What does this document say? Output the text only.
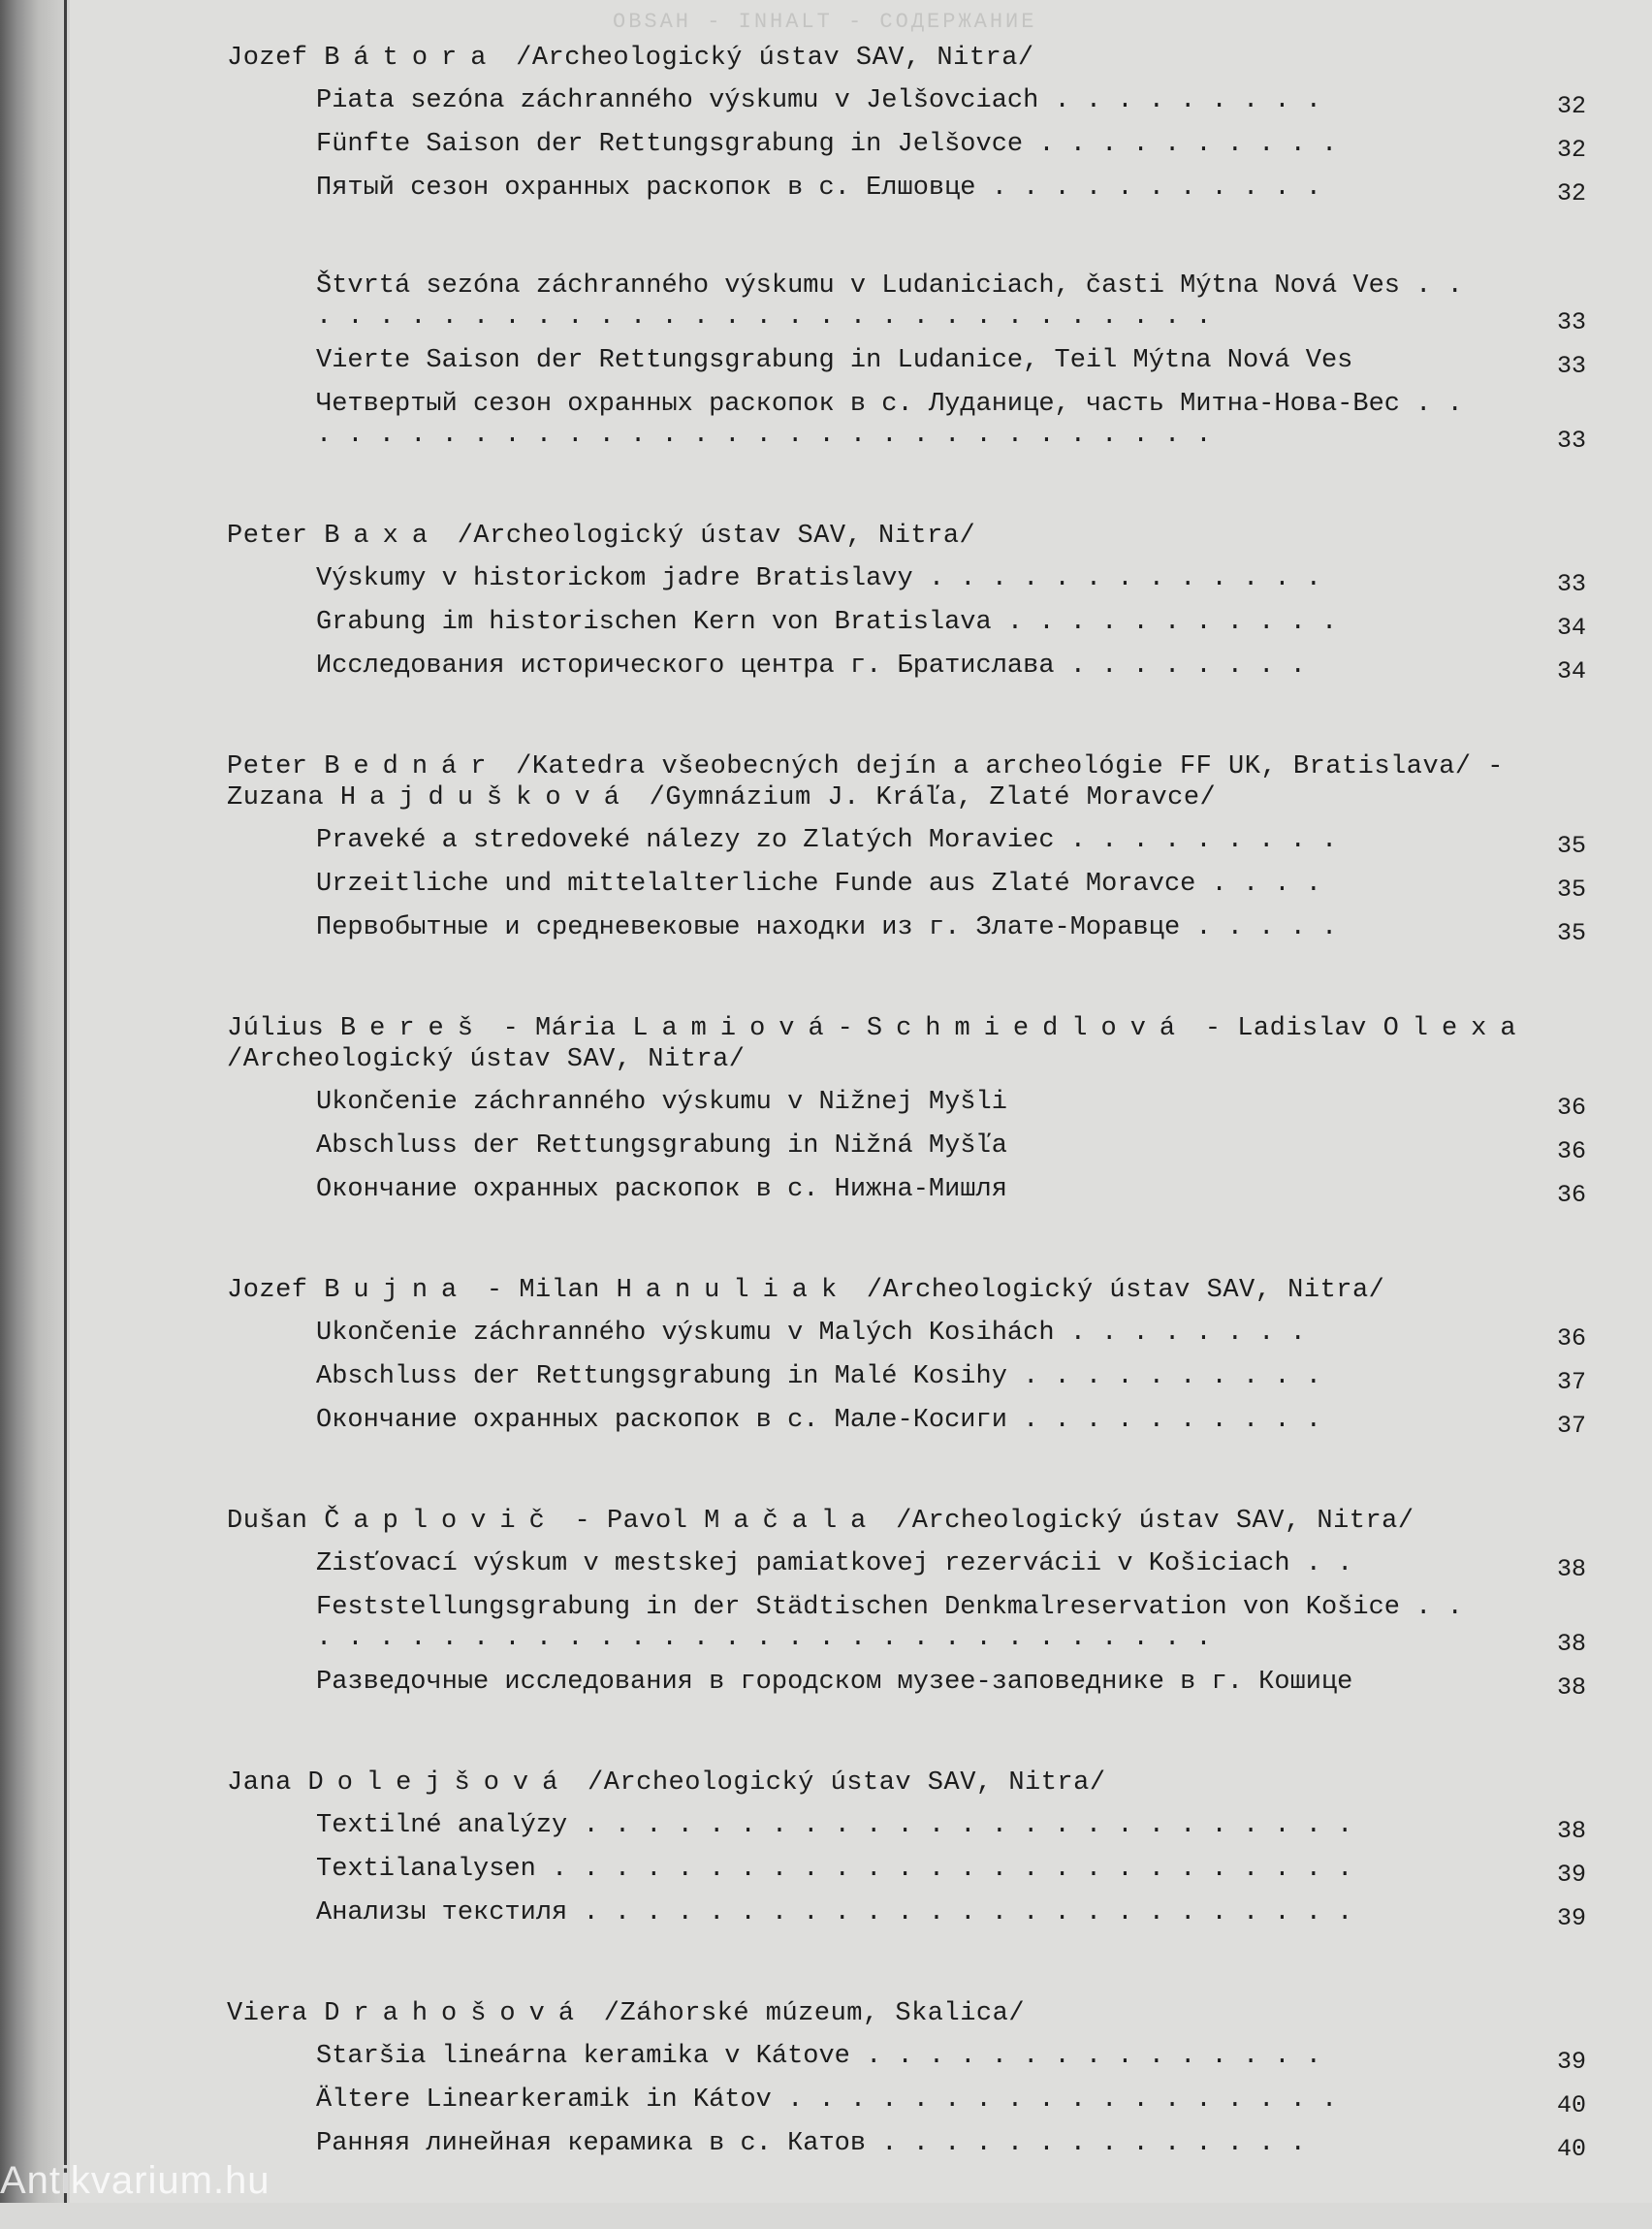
OBSAH - INHALT - СОДЕРЖАНИЕ
Jozef Bátora /Archeologický ústav SAV, Nitra/
Piata sezóna záchranného výskumu v Jelšovciach . . . . . . . . .	32
Fünfte Saison der Rettungsgrabung in Jelšovce . . . . . . . . . .	32
Пятый сезон охранных раскопок в с. Елшовце . . . . . . . . . . .	32
Štvrtá sezóna záchranného výskumu v Ludaniciach, časti Mýtna Nová Ves . . . . . . . . . . . . . . . . . . . . . . . . . . . . . . .	33
Vierte Saison der Rettungsgrabung in Ludanice, Teil Mýtna Nová Ves	33
Четвертый сезон охранных раскопок в с. Луданице, часть Митна-Нова-Вес . . . . . . . . . . . . . . . . . . . . . . . . . . . . . . .	33
Peter Baxa /Archeologický ústav SAV, Nitra/
Výskumy v historickom jadre Bratislavy . . . . . . . . . . . . .	33
Grabung im historischen Kern von Bratislava . . . . . . . . . . .	34
Исследования исторического центра г. Братислава . . . . . . . .	34
Peter Bednár /Katedra všeobecných dejín a archeológie FF UK, Bratislava/ - Zuzana Hajdušková /Gymnázium J. Kráľa, Zlaté Moravce/
Praveké a stredoveké nálezy zo Zlatých Moraviec . . . . . . . . .	35
Urzeitliche und mittelalterliche Funde aus Zlaté Moravce . . . .	35
Первобытные и средневековые находки из г. Злате-Моравце . . . . .	35
Július Bereš - Mária Lamiová-Schmiedlová - Ladislav Olexa /Archeologický ústav SAV, Nitra/
Ukončenie záchranného výskumu v Nižnej Myšli	36
Abschluss der Rettungsgrabung in Nižná Myšľa	36
Окончание охранных раскопок в с. Нижна-Мишля	36
Jozef Bujna - Milan Hanuliak /Archeologický ústav SAV, Nitra/
Ukončenie záchranného výskumu v Malých Kosihách . . . . . . . .	36
Abschluss der Rettungsgrabung in Malé Kosihy . . . . . . . . . .	37
Окончание охранных раскопок в с. Мале-Косиги . . . . . . . . . .	37
Dušan Čaplovič - Pavol Mačala /Archeologický ústav SAV, Nitra/
Zisťovací výskum v mestskej pamiatkovej rezervácii v Košiciach . .	38
Feststellungsgrabung in der Städtischen Denkmalreservation von Košice . . . . . . . . . . . . . . . . . . . . . . . . . . . . . . .	38
Разведочные исследования в городском музее-заповеднике в г. Кошице	38
Jana Dolejšová /Archeologický ústav SAV, Nitra/
Textilné analýzy . . . . . . . . . . . . . . . . . . . . . . . . .	38
Textilanalysen . . . . . . . . . . . . . . . . . . . . . . . . . .	39
Анализы текстиля . . . . . . . . . . . . . . . . . . . . . . . . .	39
Viera Drahošová /Záhorské múzeum, Skalica/
Staršia lineárna keramika v Kátove . . . . . . . . . . . . . . .	39
Ältere Linearkeramik in Kátov . . . . . . . . . . . . . . . . . .	40
Ранняя линейная керамика в с. Катов . . . . . . . . . . . . . .	40
Antikvarium.hu
